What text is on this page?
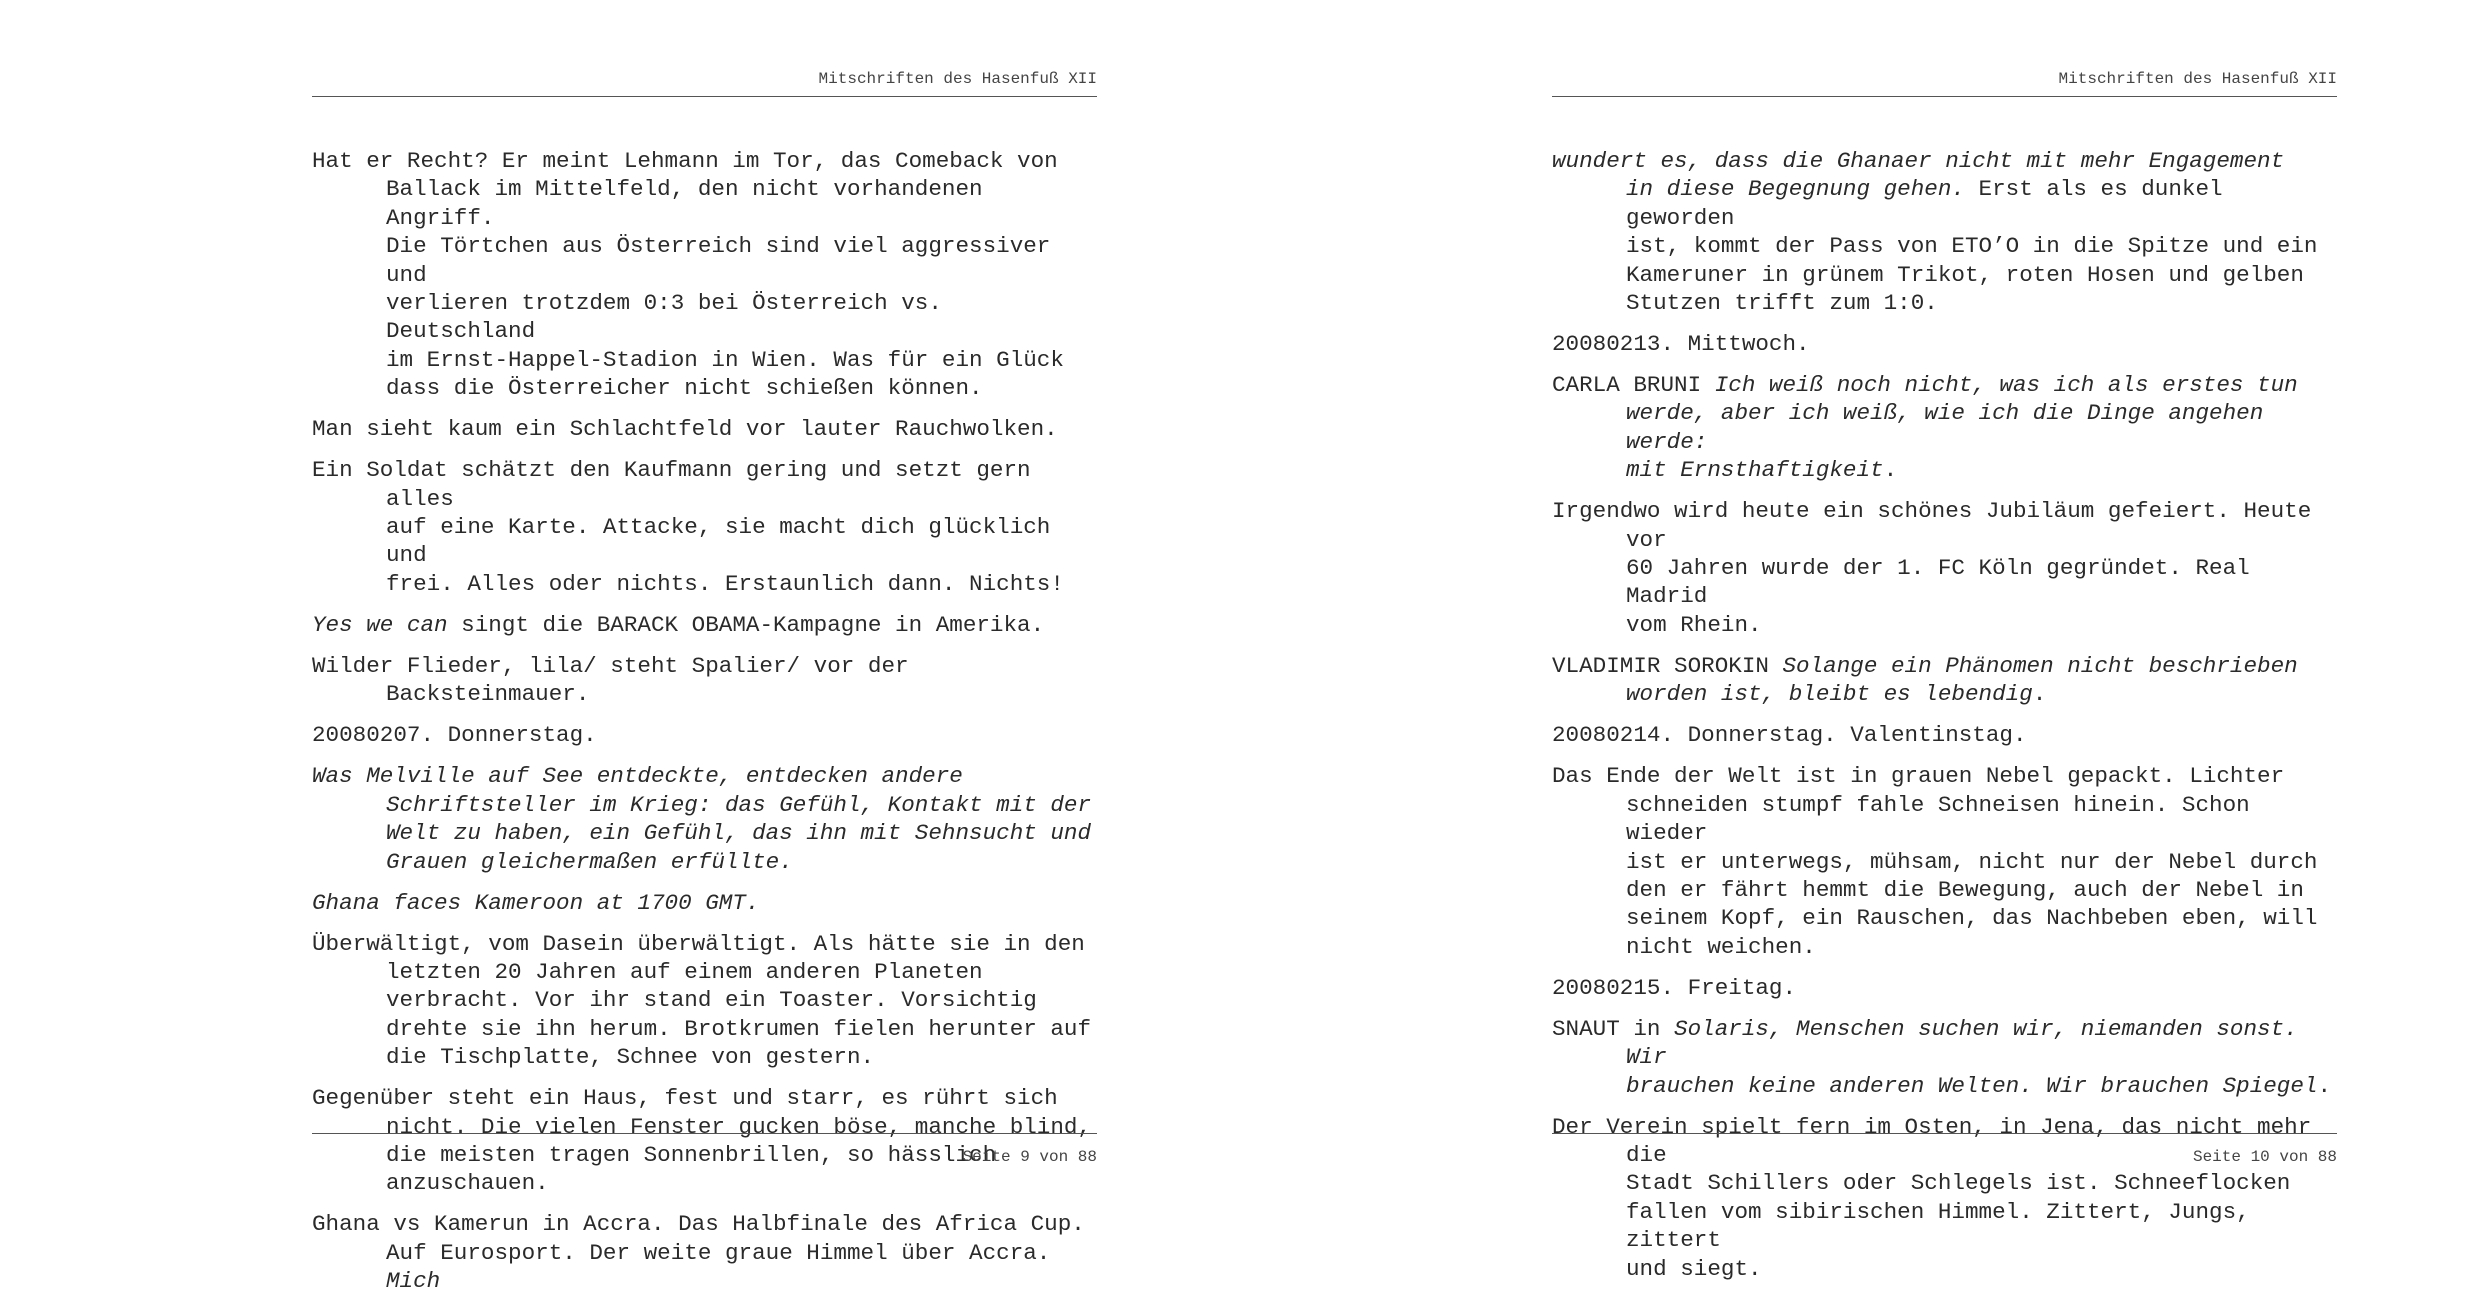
Mitschriften des Hasenfuß XII

Hat er Recht? Er meint Lehmann im Tor, das Comeback von
Ballack im Mittelfeld, den nicht vorhandenen Angriff.
Die Törtchen aus Österreich sind viel aggressiver und
verlieren trotzdem 0:3 bei Österreich vs. Deutschland
im Ernst-Happel-Stadion in Wien. Was für ein Glück
dass die Österreicher nicht schießen können.

Man sieht kaum ein Schlachtfeld vor lauter Rauchwolken.

Ein Soldat schätzt den Kaufmann gering und setzt gern alles
auf eine Karte. Attacke, sie macht dich glücklich und
frei. Alles oder nichts. Erstaunlich dann. Nichts!

Yes we can singt die BARACK OBAMA-Kampagne in Amerika.

Wilder Flieder, lila/ steht Spalier/ vor der Backsteinmauer.

20080207. Donnerstag.

Was Melville auf See entdeckte, entdecken andere
Schriftsteller im Krieg: das Gefühl, Kontakt mit der
Welt zu haben, ein Gefühl, das ihn mit Sehnsucht und
Grauen gleichermaßen erfüllte.

Ghana faces Kameroon at 1700 GMT.

Überwältigt, vom Dasein überwältigt. Als hätte sie in den
letzten 20 Jahren auf einem anderen Planeten
verbracht. Vor ihr stand ein Toaster. Vorsichtig
drehte sie ihn herum. Brotkrumen fielen herunter auf
die Tischplatte, Schnee von gestern.

Gegenüber steht ein Haus, fest und starr, es rührt sich
nicht. Die vielen Fenster gucken böse, manche blind,
die meisten tragen Sonnenbrillen, so hässlich
anzuschauen.

Ghana vs Kamerun in Accra. Das Halbfinale des Africa Cup.
Auf Eurosport. Der weite graue Himmel über Accra. Mich

Seite 9 von 88
Mitschriften des Hasenfuß XII

wundert es, dass die Ghanaer nicht mit mehr Engagement
in diese Begegnung gehen. Erst als es dunkel geworden
ist, kommt der Pass von ETO’O in die Spitze und ein
Kameruner in grünem Trikot, roten Hosen und gelben
Stutzen trifft zum 1:0.

20080213. Mittwoch.

CARLA BRUNI Ich weiß noch nicht, was ich als erstes tun
werde, aber ich weiß, wie ich die Dinge angehen werde:
mit Ernsthaftigkeit.

Irgendwo wird heute ein schönes Jubiläum gefeiert. Heute vor
60 Jahren wurde der 1. FC Köln gegründet. Real Madrid
vom Rhein.

VLADIMIR SOROKIN Solange ein Phänomen nicht beschrieben
worden ist, bleibt es lebendig.

20080214. Donnerstag. Valentinstag.

Das Ende der Welt ist in grauen Nebel gepackt. Lichter
schneiden stumpf fahle Schneisen hinein. Schon wieder
ist er unterwegs, mühsam, nicht nur der Nebel durch
den er fährt hemmt die Bewegung, auch der Nebel in
seinem Kopf, ein Rauschen, das Nachbeben eben, will
nicht weichen.

20080215. Freitag.

SNAUT in Solaris, Menschen suchen wir, niemanden sonst. Wir
brauchen keine anderen Welten. Wir brauchen Spiegel.

Der Verein spielt fern im Osten, in Jena, das nicht mehr die
Stadt Schillers oder Schlegels ist. Schneeflocken
fallen vom sibirischen Himmel. Zittert, Jungs, zittert
und siegt.

Seite 10 von 88
